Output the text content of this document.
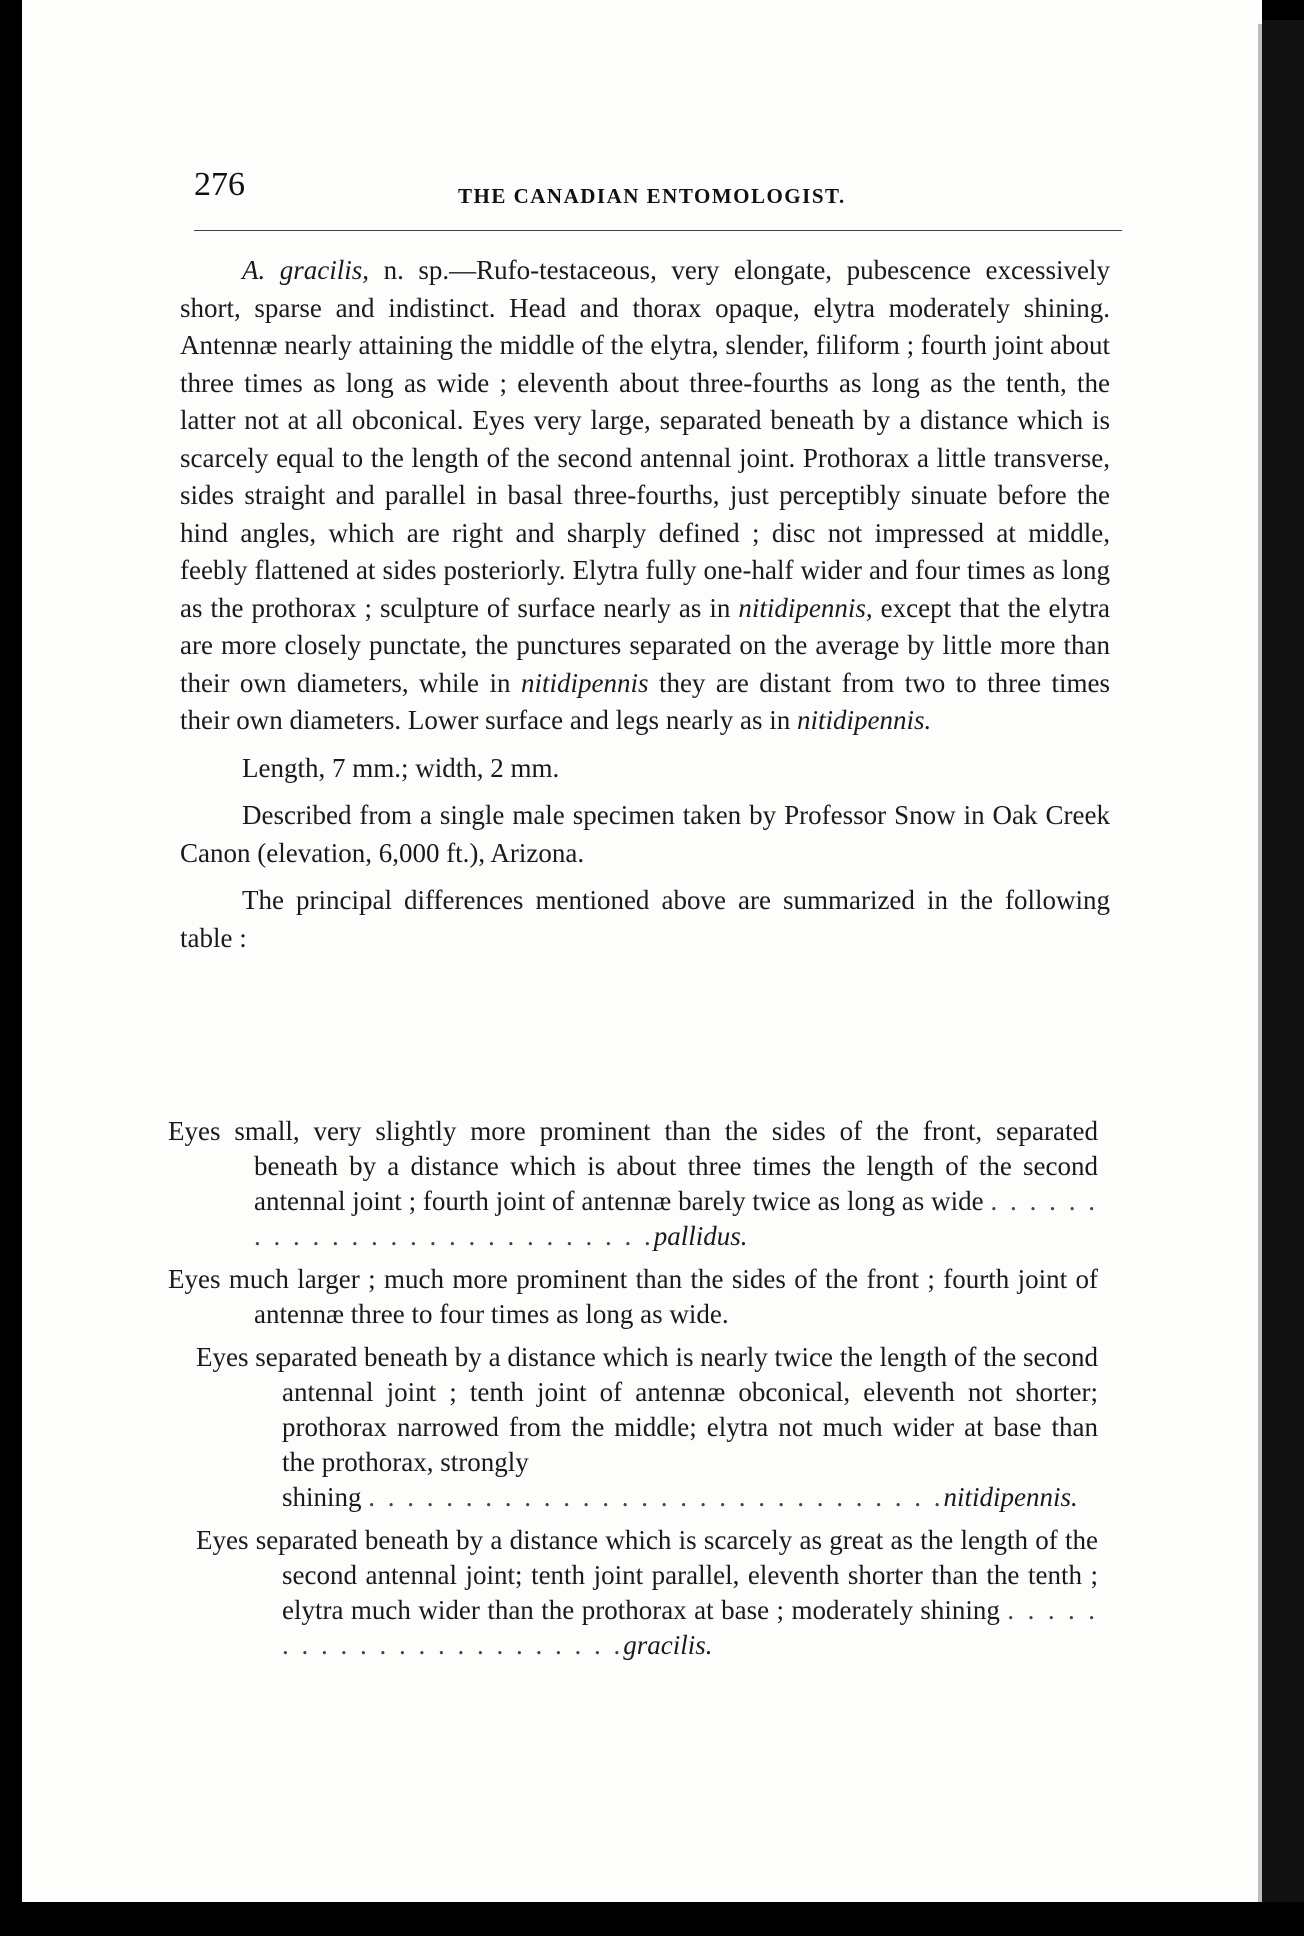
276	THE CANADIAN ENTOMOLOGIST.

A. gracilis, n. sp.—Rufo-testaceous, very elongate, pubescence excessively short, sparse and indistinct. Head and thorax opaque, elytra moderately shining. Antennæ nearly attaining the middle of the elytra, slender, filiform ; fourth joint about three times as long as wide ; eleventh about three-fourths as long as the tenth, the latter not at all obconical. Eyes very large, separated beneath by a distance which is scarcely equal to the length of the second antennal joint. Prothorax a little transverse, sides straight and parallel in basal three-fourths, just perceptibly sinuate before the hind angles, which are right and sharply defined ; disc not impressed at middle, feebly flattened at sides posteriorly. Elytra fully one-half wider and four times as long as the prothorax ; sculpture of surface nearly as in nitidipennis, except that the elytra are more closely punctate, the punctures separated on the average by little more than their own diameters, while in nitidipennis they are distant from two to three times their own diameters. Lower surface and legs nearly as in nitidipennis.

Length, 7 mm.; width, 2 mm.

Described from a single male specimen taken by Professor Snow in Oak Creek Canon (elevation, 6,000 ft.), Arizona.

The principal differences mentioned above are summarized in the following table :

Eyes small, very slightly more prominent than the sides of the front, separated beneath by a distance which is about three times the length of the second antennal joint ; fourth joint of antennæ barely twice as long as wide . . . . . . . . . . . . . . . . . . . . . . . . . . .pallidus.
Eyes much larger ; much more prominent than the sides of the front ; fourth joint of antennæ three to four times as long as wide.
Eyes separated beneath by a distance which is nearly twice the length of the second antennal joint ; tenth joint of antennæ obconical, eleventh not shorter; prothorax narrowed from the middle; elytra not much wider at base than the prothorax, strongly
shining . . . . . . . . . . . . . . . . . . . . . . . . . . . . . .nitidipennis.
Eyes separated beneath by a distance which is scarcely as great as the length of the second antennal joint; tenth joint parallel, eleventh shorter than the tenth ; elytra much wider than the prothorax at base ; moderately shining . . . . . . . . . . . . . . . . . . . . . . .gracilis.
